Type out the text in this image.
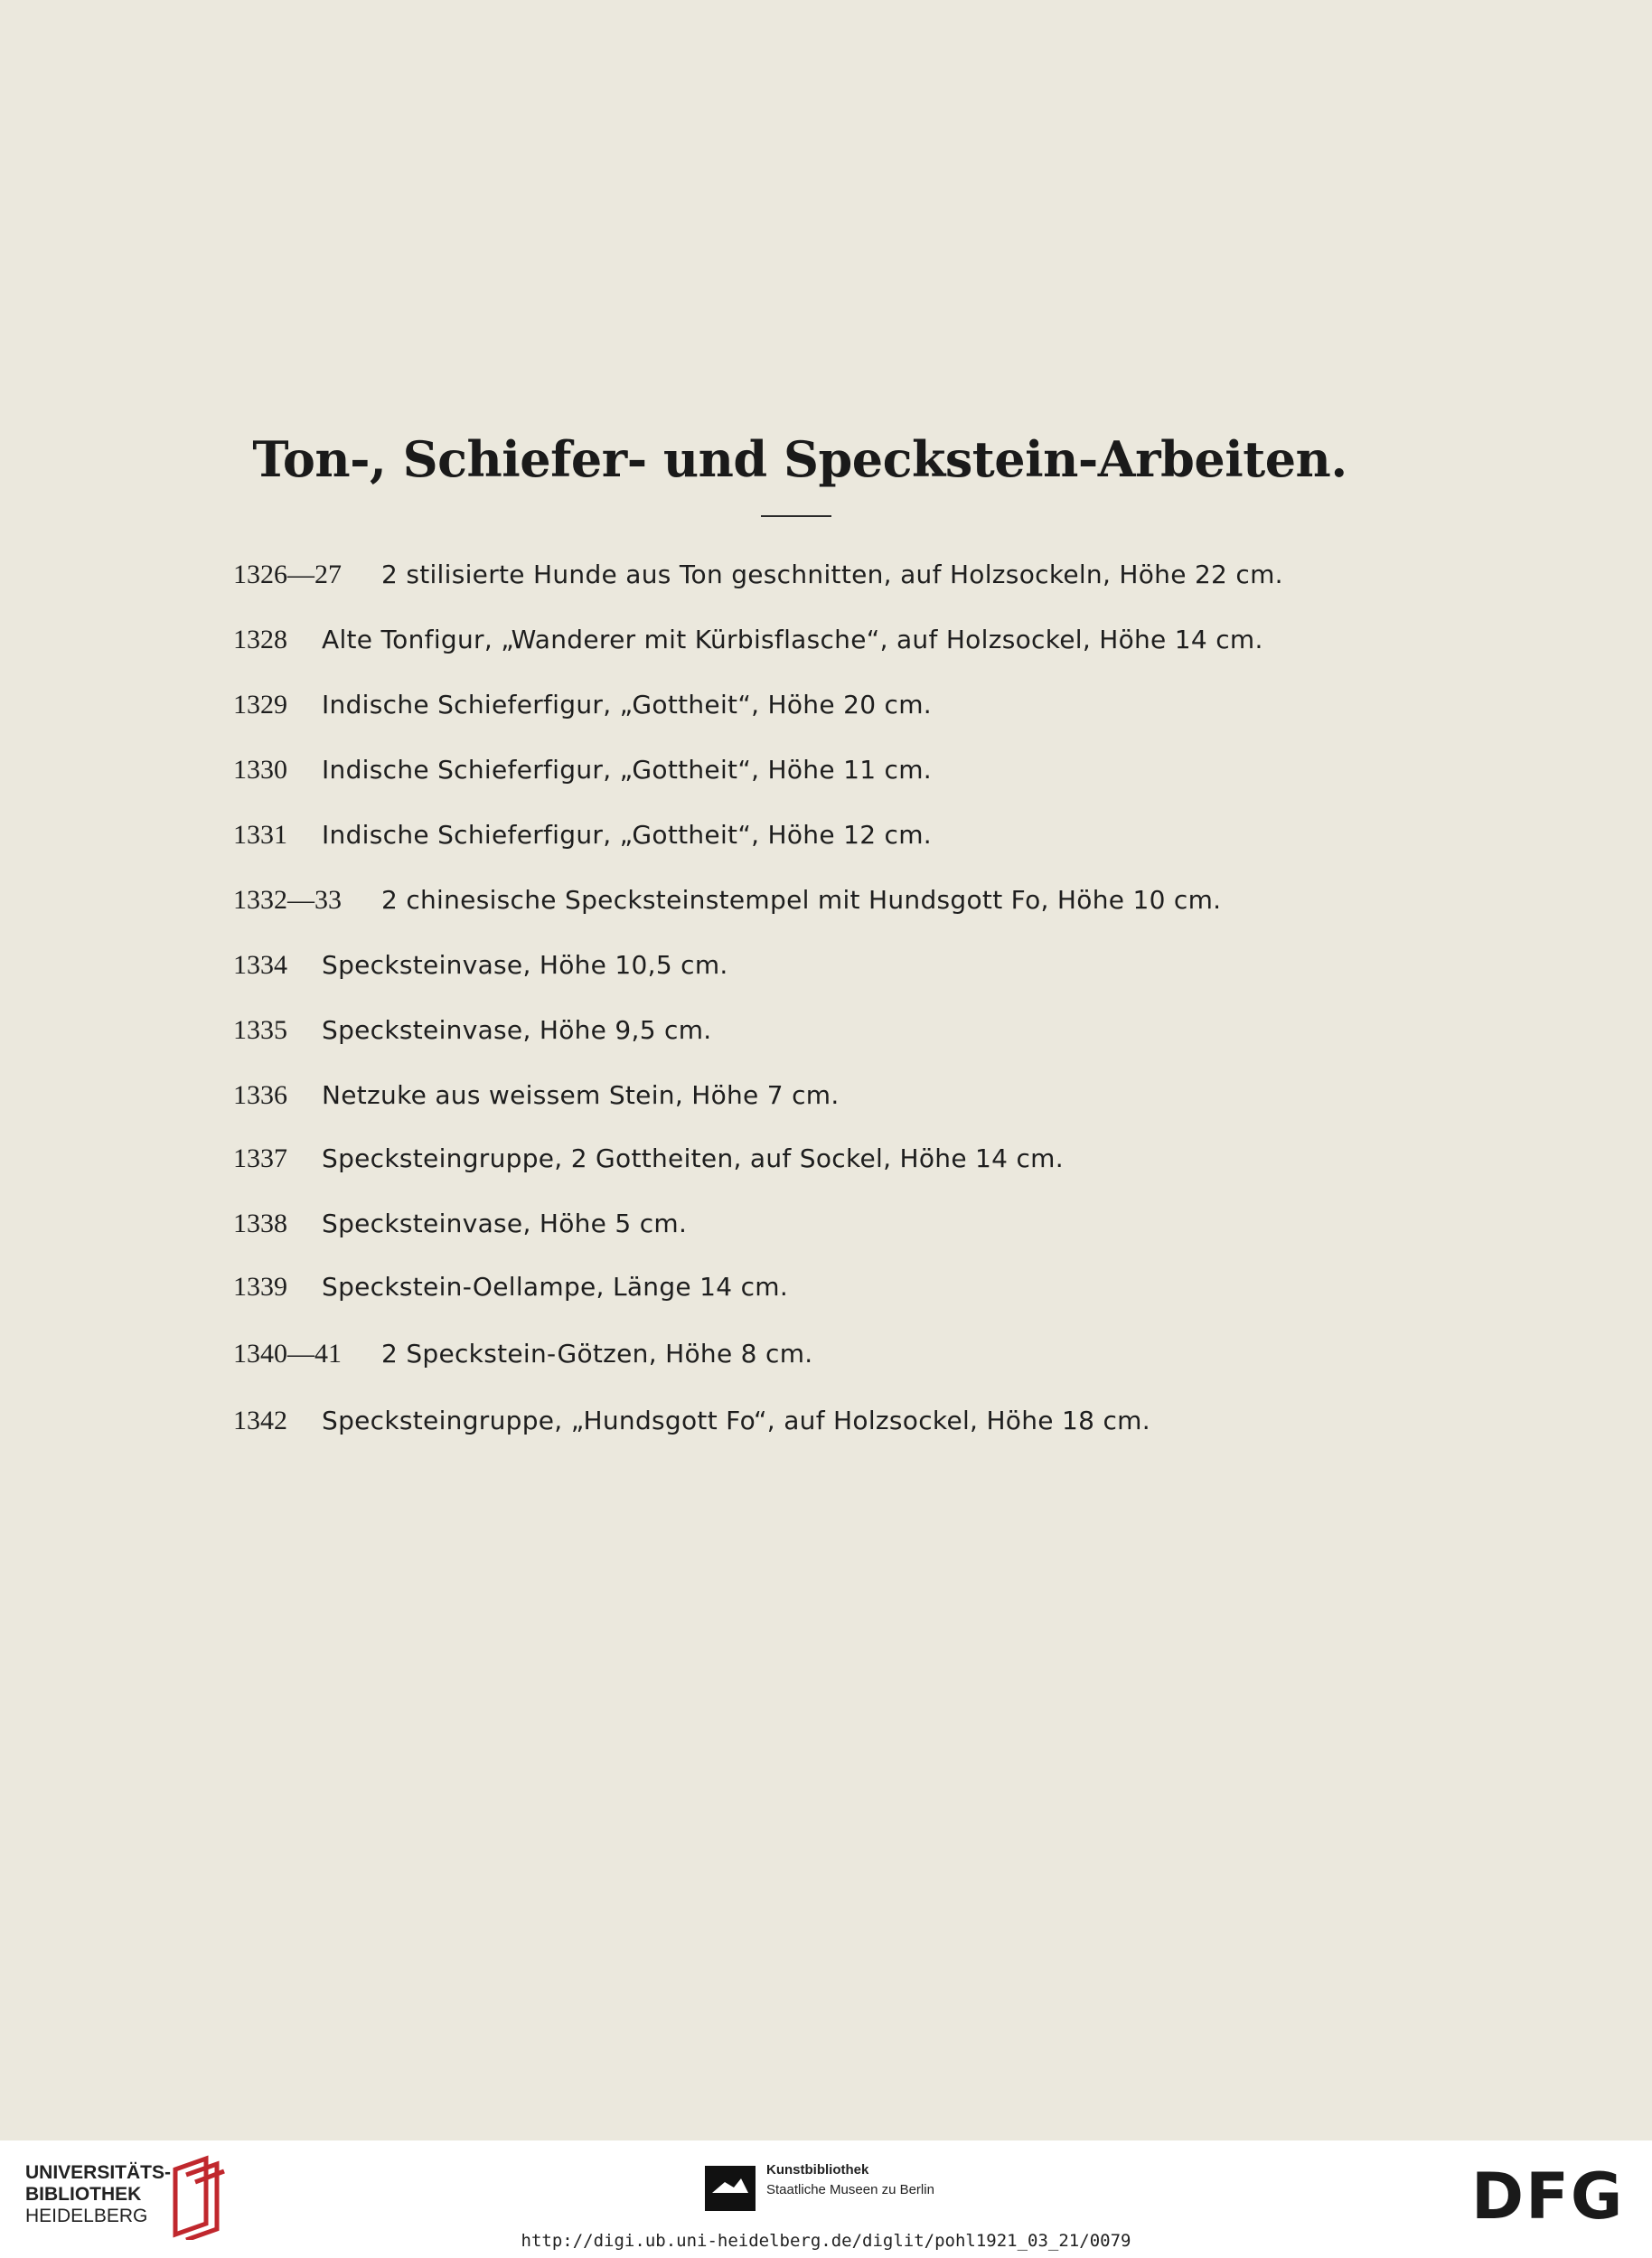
Ton-, Schiefer- und Speckstein-Arbeiten.
1326—27 2 stilisierte Hunde aus Ton geschnitten, auf Holzsockeln, Höhe 22 cm.
1328 Alte Tonfigur, „Wanderer mit Kürbisflasche“, auf Holzsockel, Höhe 14 cm.
1329 Indische Schieferfigur, „Gottheit“, Höhe 20 cm.
1330 Indische Schieferfigur, „Gottheit“, Höhe 11 cm.
1331 Indische Schieferfigur, „Gottheit“, Höhe 12 cm.
1332—33 2 chinesische Specksteinstempel mit Hundsgott Fo, Höhe 10 cm.
1334 Specksteinvase, Höhe 10,5 cm.
1335 Specksteinvase, Höhe 9,5 cm.
1336 Netzuke aus weissem Stein, Höhe 7 cm.
1337 Specksteingruppe, 2 Gottheiten, auf Sockel, Höhe 14 cm.
1338 Specksteinvase, Höhe 5 cm.
1339 Speckstein-Oellampe, Länge 14 cm.
1340—41 2 Speckstein-Götzen, Höhe 8 cm.
1342 Specksteingruppe, „Hundsgott Fo“, auf Holzsockel, Höhe 18 cm.
UNIVERSITÄTS-
BIBLIOTHEK
HEIDELBERG
Kunstbibliothek
Staatliche Museen zu Berlin	DFG
http://digi.ub.uni-heidelberg.de/diglit/pohl1921_03_21/0079
